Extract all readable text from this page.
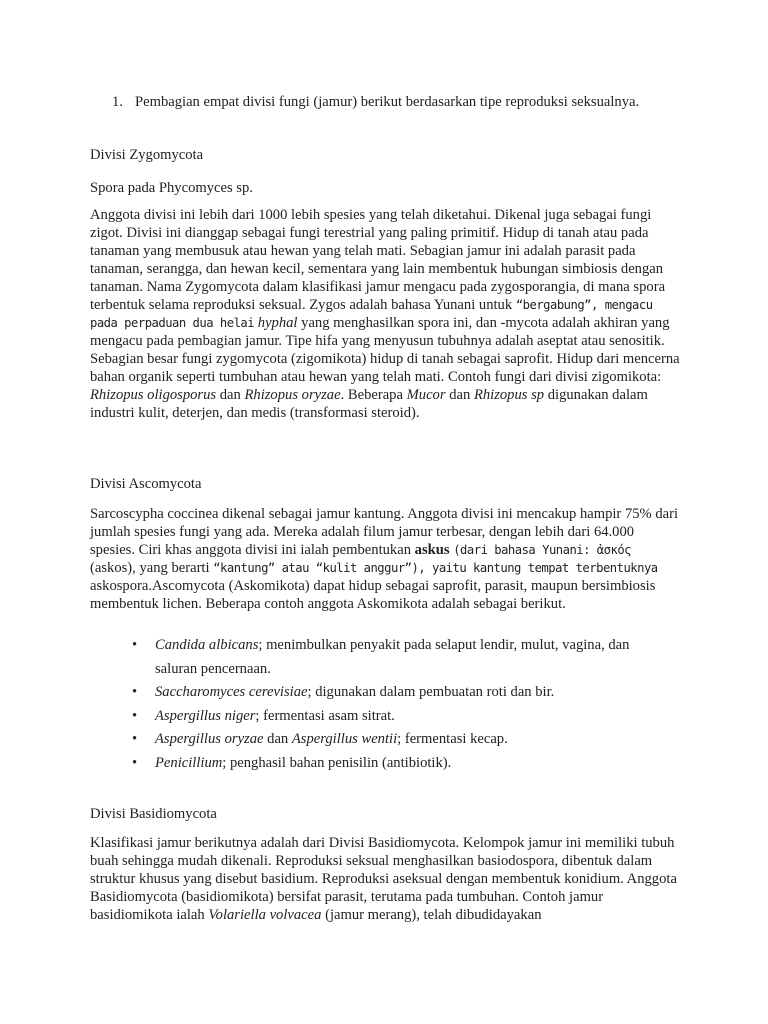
1. Pembagian empat divisi fungi (jamur) berikut berdasarkan tipe reproduksi seksualnya.
Divisi Zygomycota
Spora pada Phycomyces sp.

Anggota divisi ini lebih dari 1000 lebih spesies yang telah diketahui. Dikenal juga sebagai fungi zigot. Divisi ini dianggap sebagai fungi terestrial yang paling primitif. Hidup di tanah atau pada tanaman yang membusuk atau hewan yang telah mati. Sebagian jamur ini adalah parasit pada tanaman, serangga, dan hewan kecil, sementara yang lain membentuk hubungan simbiosis dengan tanaman. Nama Zygomycota dalam klasifikasi jamur mengacu pada zygosporangia, di mana spora terbentuk selama reproduksi seksual. Zygos adalah bahasa Yunani untuk “bergabung”, mengacu pada perpaduan dua helai hyphal yang menghasilkan spora ini, dan -mycota adalah akhiran yang mengacu pada pembagian jamur. Tipe hifa yang menyusun tubuhnya adalah aseptat atau senositik. Sebagian besar fungi zygomycota (zigomikota) hidup di tanah sebagai saprofit. Hidup dari mencerna bahan organik seperti tumbuhan atau hewan yang telah mati. Contoh fungi dari divisi zigomikota: Rhizopus oligosporus dan Rhizopus oryzae. Beberapa Mucor dan Rhizopus sp digunakan dalam industri kulit, deterjen, dan medis (transformasi steroid).

Divisi Ascomycota

Sarcoscypha coccinea dikenal sebagai jamur kantung. Anggota divisi ini mencakup hampir 75% dari jumlah spesies fungi yang ada. Mereka adalah filum jamur terbesar, dengan lebih dari 64.000 spesies. Ciri khas anggota divisi ini ialah pembentukan askus (dari bahasa Yunani: ἀσκός (askos), yang berarti “kantung” atau “kulit anggur”), yaitu kantung tempat terbentuknya askospora.Ascomycota (Askomikota) dapat hidup sebagai saprofit, parasit, maupun bersimbiosis membentuk lichen. Beberapa contoh anggota Askomikota adalah sebagai berikut.

• Candida albicans; menimbulkan penyakit pada selaput lendir, mulut, vagina, dan saluran pencernaan.
• Saccharomyces cerevisiae; digunakan dalam pembuatan roti dan bir.
• Aspergillus niger; fermentasi asam sitrat.
• Aspergillus oryzae dan Aspergillus wentii; fermentasi kecap.
• Penicillium; penghasil bahan penisilin (antibiotik).
Divisi Basidiomycota

Klasifikasi jamur berikutnya adalah dari Divisi Basidiomycota. Kelompok jamur ini memiliki tubuh buah sehingga mudah dikenali. Reproduksi seksual menghasilkan basiodospora, dibentuk dalam struktur khusus yang disebut basidium. Reproduksi aseksual dengan membentuk konidium. Anggota Basidiomycota (basidiomikota) bersifat parasit, terutama pada tumbuhan. Contoh jamur basidiomikota ialah Volariella volvacea (jamur merang), telah dibudidayakan
